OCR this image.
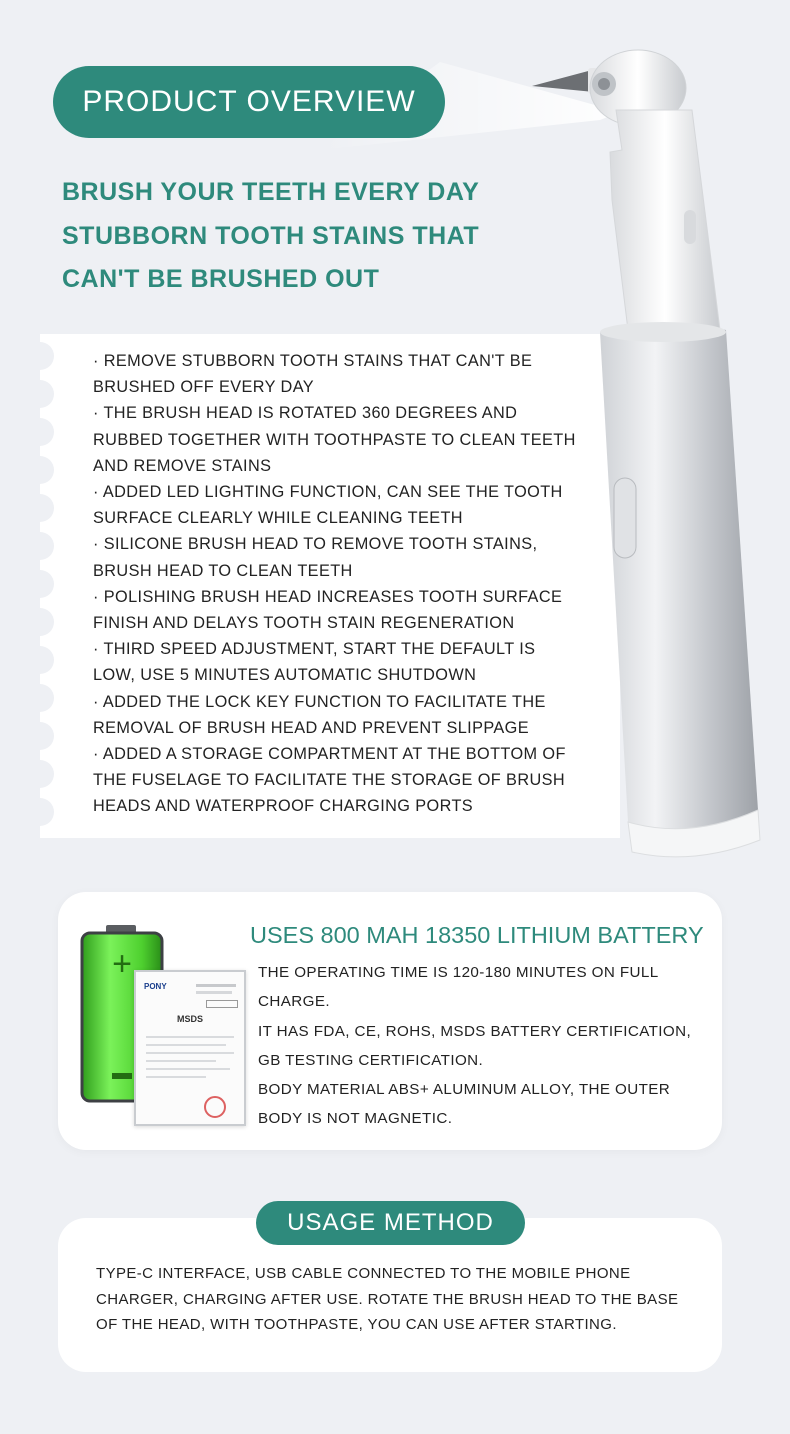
PRODUCT OVERVIEW
BRUSH YOUR TEETH EVERY DAY
STUBBORN TOOTH STAINS THAT
CAN'T BE BRUSHED OUT
· REMOVE STUBBORN TOOTH STAINS THAT CAN'T BE
BRUSHED OFF EVERY DAY
· THE BRUSH HEAD IS ROTATED 360 DEGREES AND
RUBBED TOGETHER WITH TOOTHPASTE TO CLEAN TEETH
AND REMOVE STAINS
· ADDED LED LIGHTING FUNCTION, CAN SEE THE TOOTH
SURFACE CLEARLY WHILE CLEANING TEETH
· SILICONE BRUSH HEAD TO REMOVE TOOTH STAINS,
BRUSH HEAD TO CLEAN TEETH
· POLISHING BRUSH HEAD INCREASES TOOTH SURFACE
FINISH AND DELAYS TOOTH STAIN REGENERATION
· THIRD SPEED ADJUSTMENT, START THE DEFAULT IS
LOW, USE 5 MINUTES AUTOMATIC SHUTDOWN
· ADDED THE LOCK KEY FUNCTION TO FACILITATE THE
REMOVAL OF BRUSH HEAD AND PREVENT SLIPPAGE
· ADDED A STORAGE COMPARTMENT AT THE BOTTOM OF
THE FUSELAGE TO FACILITATE THE STORAGE OF BRUSH
HEADS AND WATERPROOF CHARGING PORTS
+
PONY
MSDS
USES 800 MAH 18350 LITHIUM BATTERY
THE OPERATING TIME IS 120-180 MINUTES ON FULL
CHARGE.
IT HAS FDA, CE, ROHS, MSDS BATTERY CERTIFICATION,
GB TESTING CERTIFICATION.
BODY MATERIAL ABS+ ALUMINUM ALLOY, THE OUTER
BODY IS NOT MAGNETIC.
USAGE METHOD
TYPE-C INTERFACE, USB CABLE CONNECTED TO THE MOBILE PHONE CHARGER, CHARGING AFTER USE. ROTATE THE BRUSH HEAD TO THE BASE OF THE HEAD, WITH TOOTHPASTE, YOU CAN USE AFTER STARTING.
